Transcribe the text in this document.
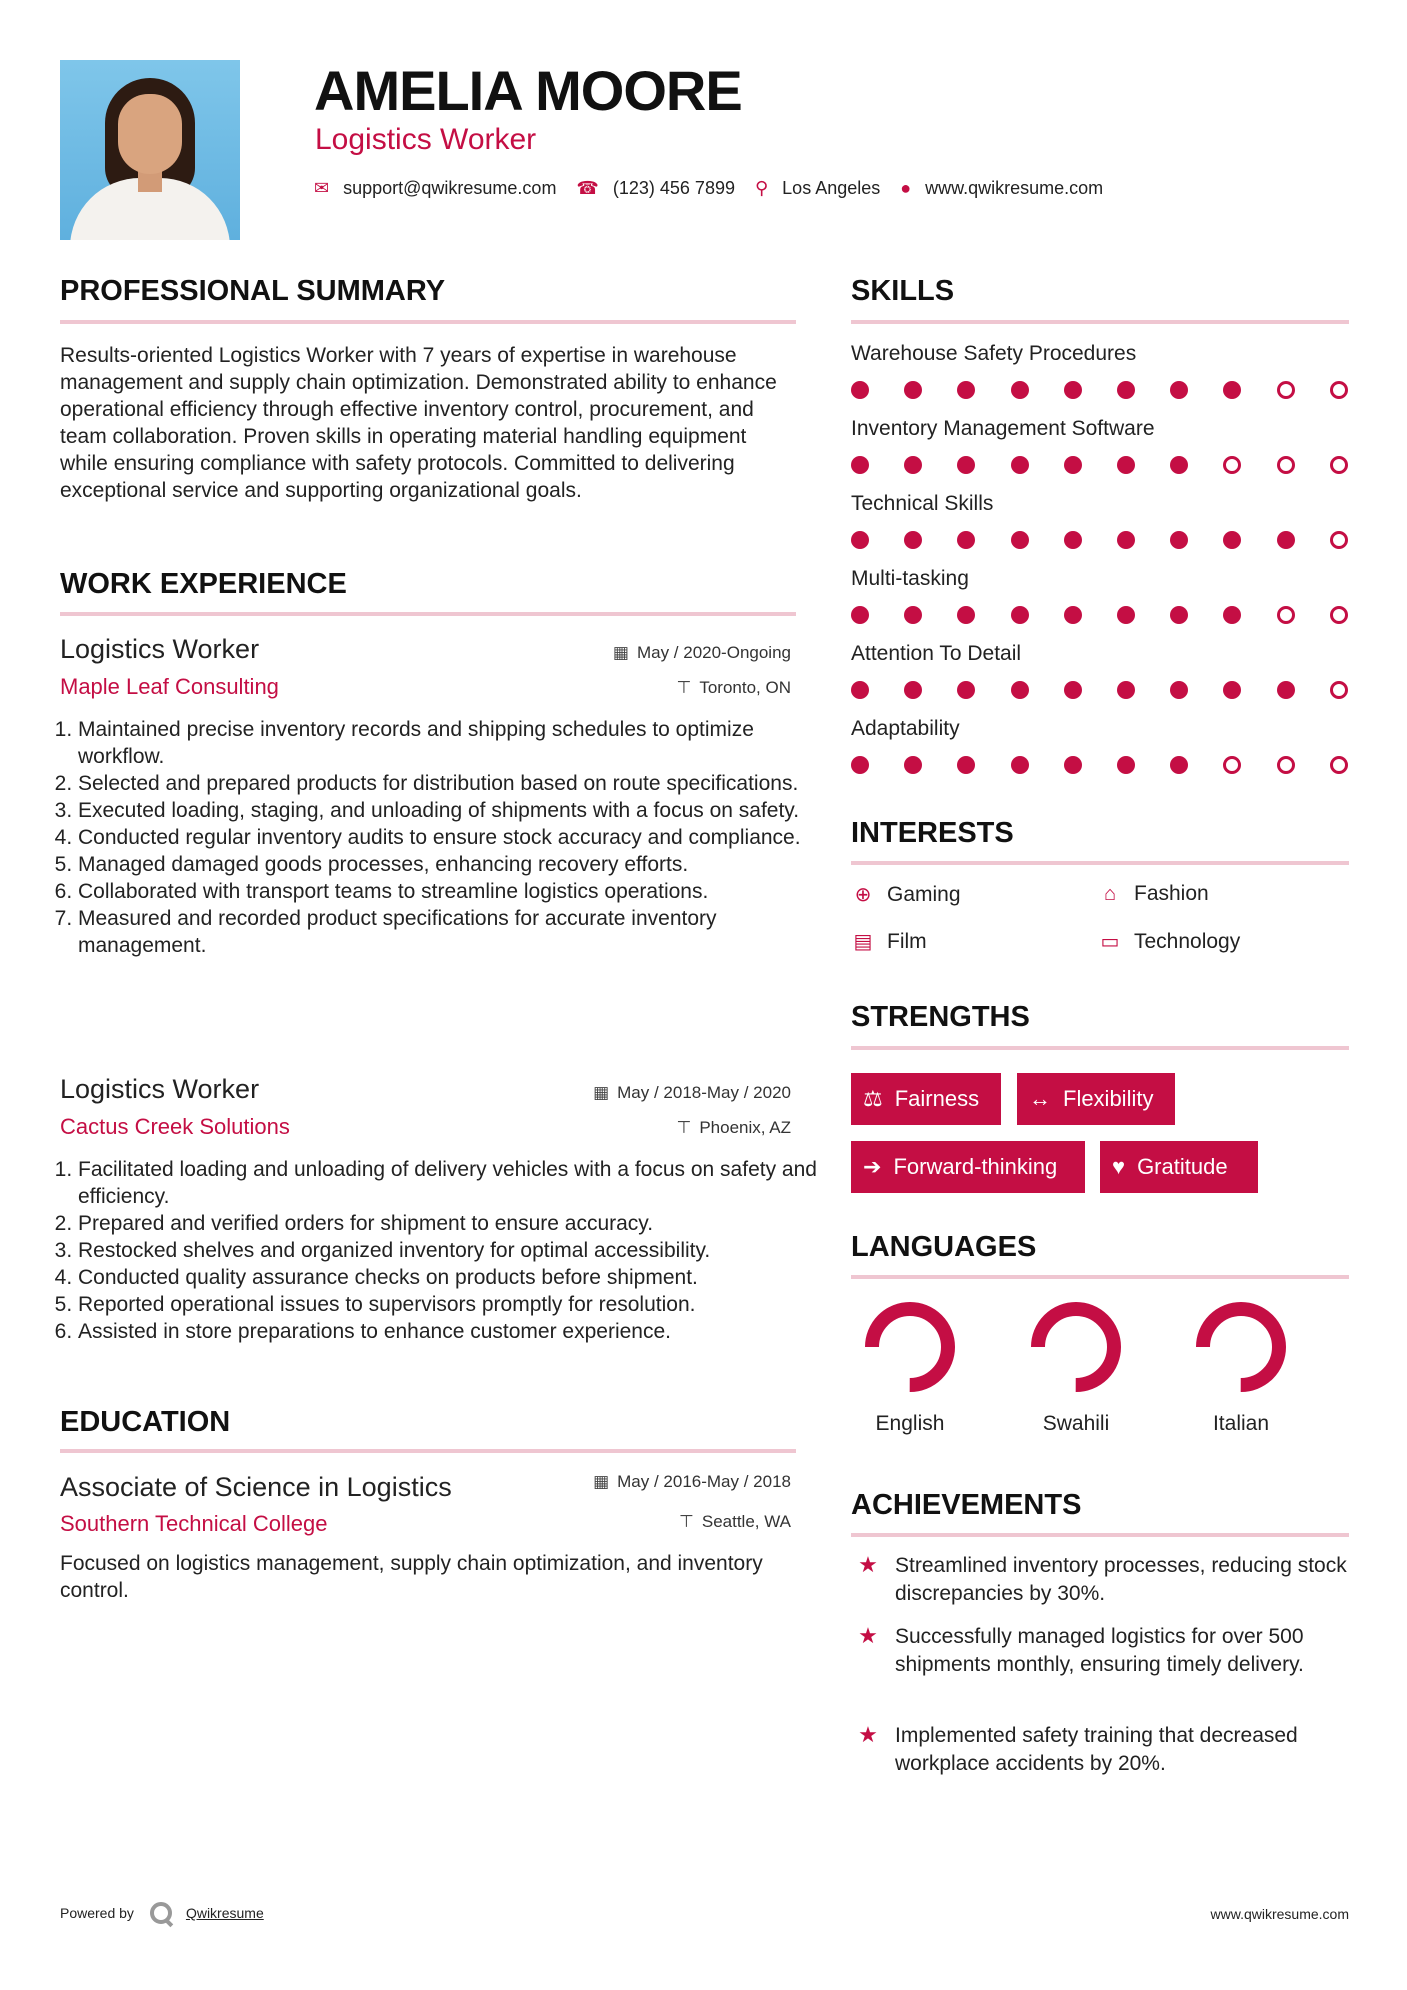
AMELIA MOORE
Logistics Worker
✉ support@qwikresume.com ☎ (123) 456 7899 ⚲ Los Angeles ● www.qwikresume.com
PROFESSIONAL SUMMARY
Results-oriented Logistics Worker with 7 years of expertise in warehouse management and supply chain optimization. Demonstrated ability to enhance operational efficiency through effective inventory control, procurement, and team collaboration. Proven skills in operating material handling equipment while ensuring compliance with safety protocols. Committed to delivering exceptional service and supporting organizational goals.
WORK EXPERIENCE
Logistics Worker
Maple Leaf Consulting
▦ May / 2020-Ongoing
⊤ Toronto, ON
1. Maintained precise inventory records and shipping schedules to optimize workflow.
2. Selected and prepared products for distribution based on route specifications.
3. Executed loading, staging, and unloading of shipments with a focus on safety.
4. Conducted regular inventory audits to ensure stock accuracy and compliance.
5. Managed damaged goods processes, enhancing recovery efforts.
6. Collaborated with transport teams to streamline logistics operations.
7. Measured and recorded product specifications for accurate inventory management.
Logistics Worker
Cactus Creek Solutions
▦ May / 2018-May / 2020
⊤ Phoenix, AZ
1. Facilitated loading and unloading of delivery vehicles with a focus on safety and efficiency.
2. Prepared and verified orders for shipment to ensure accuracy.
3. Restocked shelves and organized inventory for optimal accessibility.
4. Conducted quality assurance checks on products before shipment.
5. Reported operational issues to supervisors promptly for resolution.
6. Assisted in store preparations to enhance customer experience.
EDUCATION
Associate of Science in Logistics
Southern Technical College
▦ May / 2016-May / 2018
⊤ Seattle, WA
Focused on logistics management, supply chain optimization, and inventory control.
SKILLS
Warehouse Safety Procedures
Inventory Management Software
Technical Skills
Multi-tasking
Attention To Detail
Adaptability
INTERESTS
⊕ Gaming	⌂ Fashion
▤ Film	▭ Technology
STRENGTHS
⚖ Fairness ↔ Flexibility
➔ Forward-thinking ♥ Gratitude
LANGUAGES
English	Swahili	Italian
ACHIEVEMENTS
★ Streamlined inventory processes, reducing stock discrepancies by 30%.
★ Successfully managed logistics for over 500 shipments monthly, ensuring timely delivery.
★ Implemented safety training that decreased workplace accidents by 20%.
Powered by	Qwikresume	www.qwikresume.com
